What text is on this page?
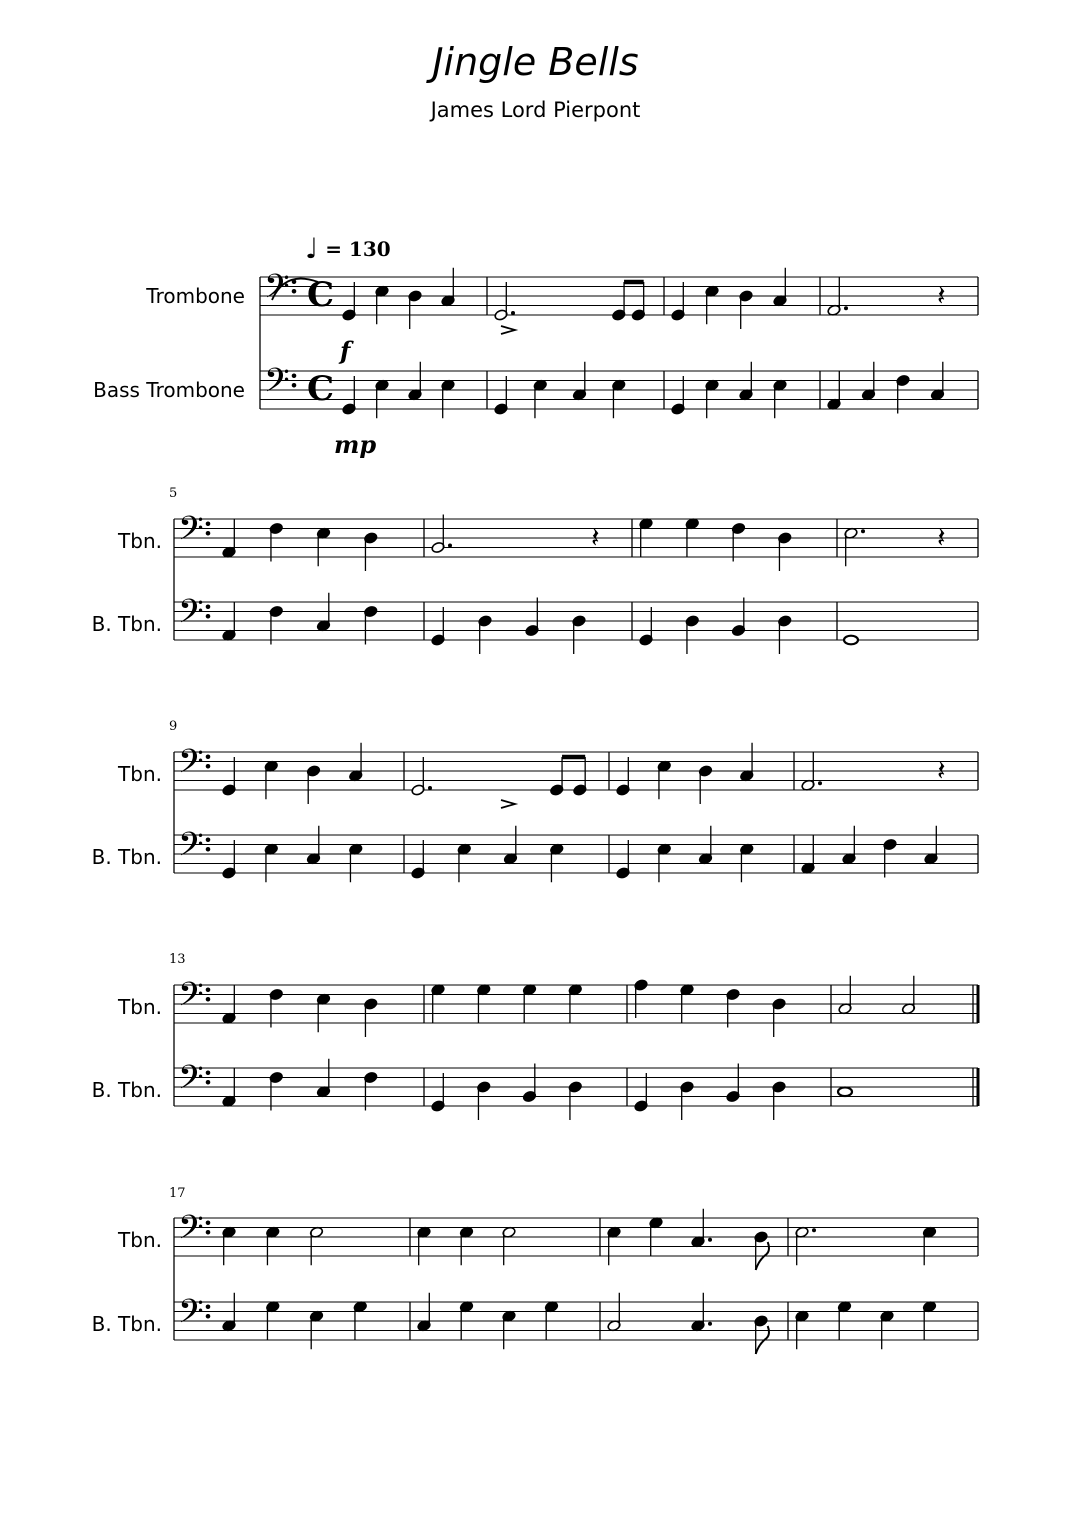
Jingle Bells
James Lord Pierpont
♩ = 130
Trombone
Bass Trombone
Tbn.
B. Tbn.
Tbn.
B. Tbn.
Tbn.
B. Tbn.
Tbn.
B. Tbn.
5
9
13
17
f
mp
𝄢 C
𝄢 C
𝄽
𝄢
𝄢
𝄽	𝄽
𝄢
𝄢
𝄽
𝄢
𝄢
𝄢
𝄢
